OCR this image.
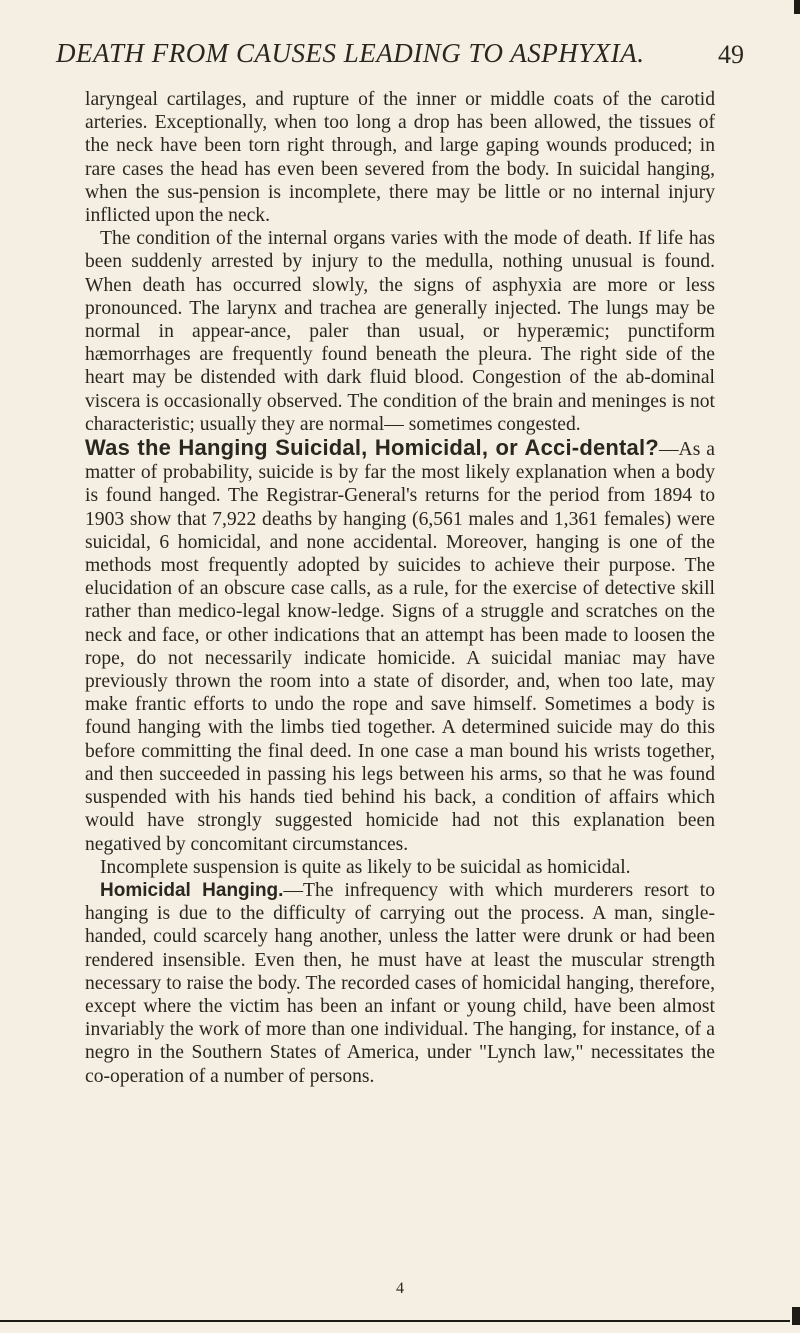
DEATH FROM CAUSES LEADING TO ASPHYXIA.	49

laryngeal cartilages, and rupture of the inner or middle coats of the carotid arteries. Exceptionally, when too long a drop has been allowed, the tissues of the neck have been torn right through, and large gaping wounds produced; in rare cases the head has even been severed from the body. In suicidal hanging, when the sus-pension is incomplete, there may be little or no internal injury inflicted upon the neck.

The condition of the internal organs varies with the mode of death. If life has been suddenly arrested by injury to the medulla, nothing unusual is found. When death has occurred slowly, the signs of asphyxia are more or less pronounced. The larynx and trachea are generally injected. The lungs may be normal in appear-ance, paler than usual, or hyperæmic; punctiform hæmorrhages are frequently found beneath the pleura. The right side of the heart may be distended with dark fluid blood. Congestion of the ab-dominal viscera is occasionally observed. The condition of the brain and meninges is not characteristic; usually they are normal— sometimes congested.

Was the Hanging Suicidal, Homicidal, or Acci-dental?—As a matter of probability, suicide is by far the most likely explanation when a body is found hanged. The Registrar-General's returns for the period from 1894 to 1903 show that 7,922 deaths by hanging (6,561 males and 1,361 females) were suicidal, 6 homicidal, and none accidental. Moreover, hanging is one of the methods most frequently adopted by suicides to achieve their purpose. The elucidation of an obscure case calls, as a rule, for the exercise of detective skill rather than medico-legal know-ledge. Signs of a struggle and scratches on the neck and face, or other indications that an attempt has been made to loosen the rope, do not necessarily indicate homicide. A suicidal maniac may have previously thrown the room into a state of disorder, and, when too late, may make frantic efforts to undo the rope and save himself. Sometimes a body is found hanging with the limbs tied together. A determined suicide may do this before committing the final deed. In one case a man bound his wrists together, and then succeeded in passing his legs between his arms, so that he was found suspended with his hands tied behind his back, a condition of affairs which would have strongly suggested homicide had not this explanation been negatived by concomitant circumstances.

Incomplete suspension is quite as likely to be suicidal as homicidal.

Homicidal Hanging.—The infrequency with which murderers resort to hanging is due to the difficulty of carrying out the process. A man, single-handed, could scarcely hang another, unless the latter were drunk or had been rendered insensible. Even then, he must have at least the muscular strength necessary to raise the body. The recorded cases of homicidal hanging, therefore, except where the victim has been an infant or young child, have been almost invariably the work of more than one individual. The hanging, for instance, of a negro in the Southern States of America, under "Lynch law," necessitates the co-operation of a number of persons.

4
